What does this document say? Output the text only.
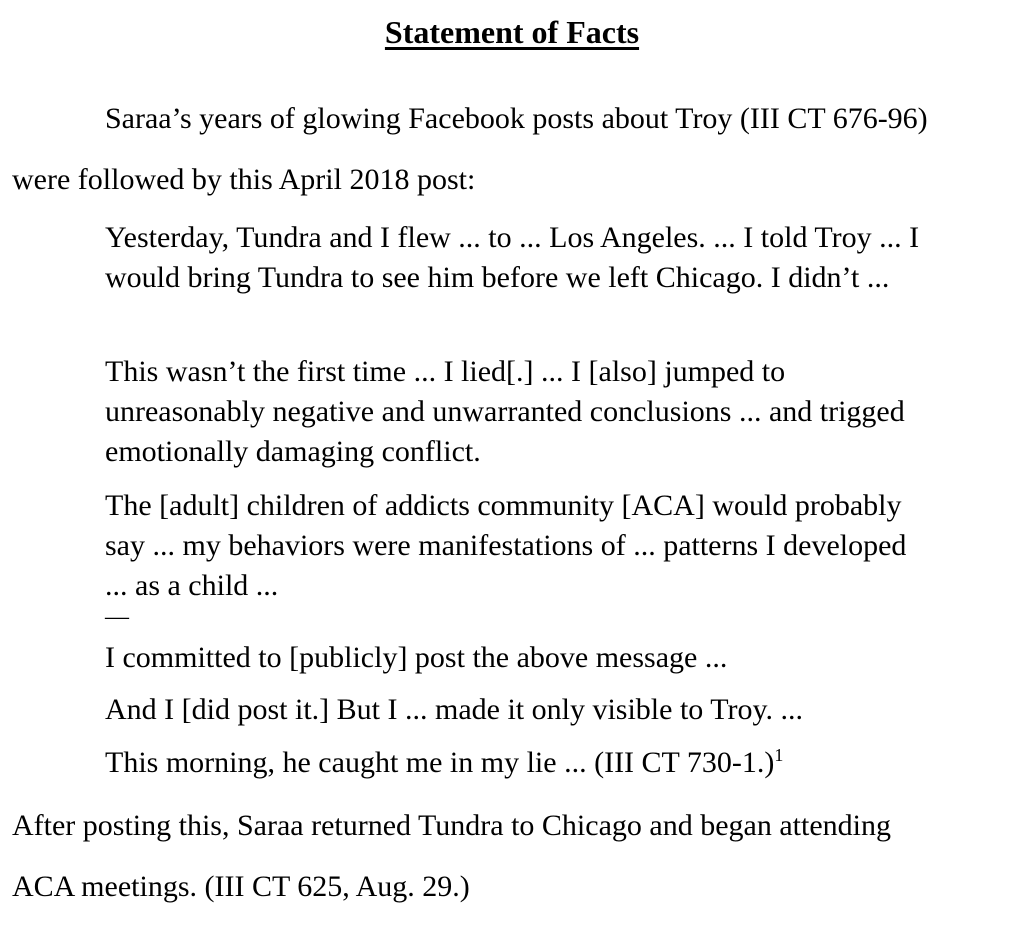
Statement of Facts

Saraa’s years of glowing Facebook posts about Troy (III CT 676-96)

were followed by this April 2018 post:

Yesterday, Tundra and I flew ... to ... Los Angeles. ... I told Troy ... I would bring Tundra to see him before we left Chicago. I didn’t ...

This wasn’t the first time ... I lied[.] ... I [also] jumped to unreasonably negative and unwarranted conclusions ... and trigged emotionally damaging conflict.

The [adult] children of addicts community [ACA] would probably say ... my behaviors were manifestations of ... patterns I developed ... as a child ...

—

I committed to [publicly] post the above message ...

And I [did post it.] But I ... made it only visible to Troy. ...

This morning, he caught me in my lie ... (III CT 730-1.)$^1$

After posting this, Saraa returned Tundra to Chicago and began attending

ACA meetings. (III CT 625, Aug. 29.)
